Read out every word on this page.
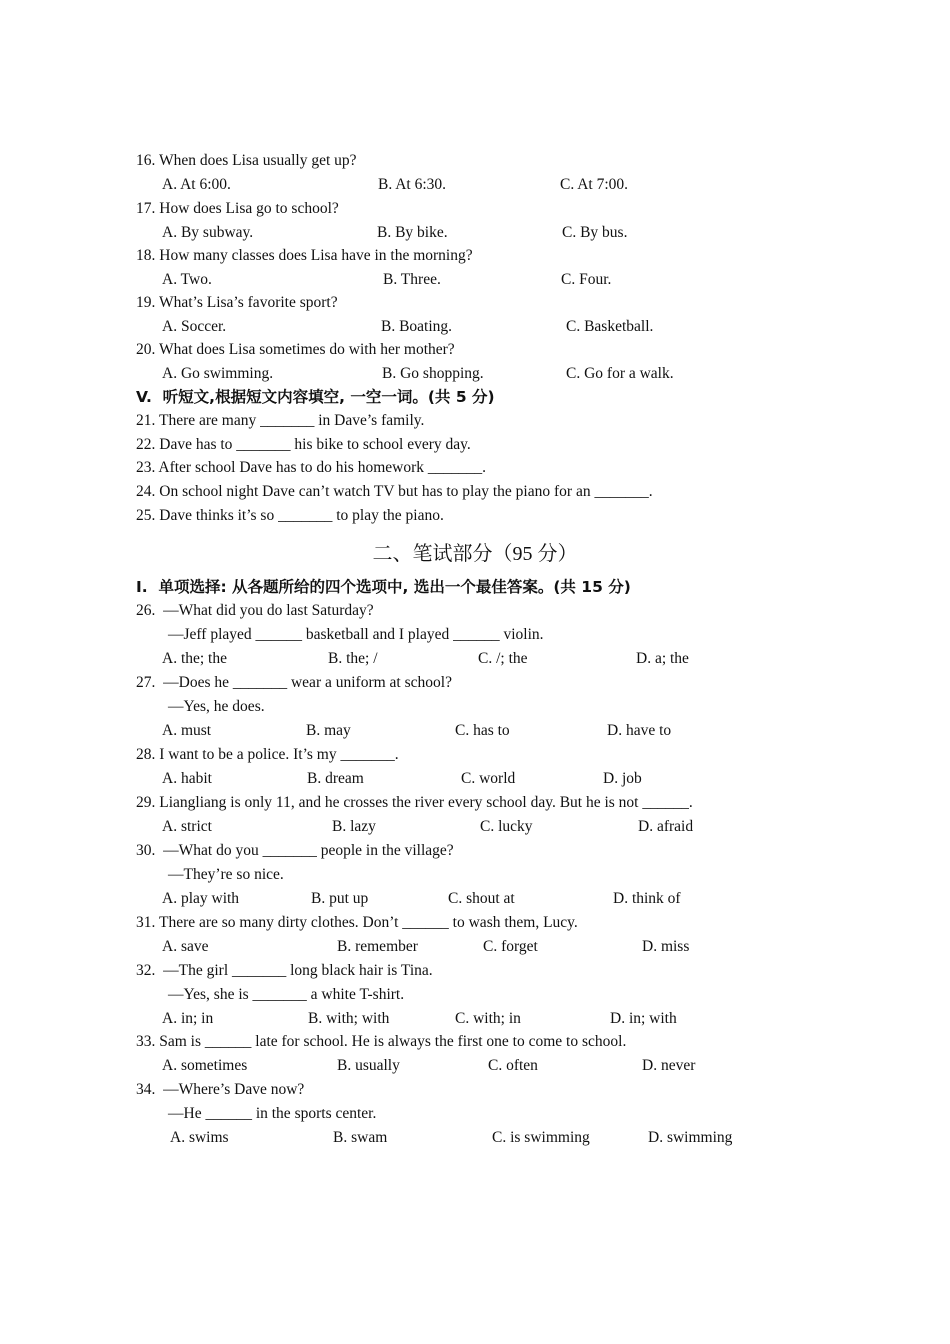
16. When does Lisa usually get up?
A. At 6:00.	B. At 6:30.	C. At 7:00.
17. How does Lisa go to school?
A. By subway.	B. By bike.	C. By bus.
18. How many classes does Lisa have in the morning?
A. Two.	B. Three.	C. Four.
19. What’s Lisa’s favorite sport?
A. Soccer.	B. Boating.	C. Basketball.
20. What does Lisa sometimes do with her mother?
A. Go swimming.	B. Go shopping.	C. Go for a walk.
V.  听短文,根据短文内容填空, 一空一词。(共 5 分)
21. There are many _______ in Dave’s family.
22. Dave has to _______ his bike to school every day.
23. After school Dave has to do his homework _______.
24. On school night Dave can’t watch TV but has to play the piano for an _______.
25. Dave thinks it’s so _______ to play the piano.
二、笔试部分（95 分）
I.  单项选择: 从各题所给的四个选项中, 选出一个最佳答案。(共 15 分)
26.  —What did you do last Saturday?
—Jeff played ______ basketball and I played ______ violin.
A. the; the	B. the; /	C. /; the	D. a; the
27.  —Does he _______ wear a uniform at school?
—Yes, he does.
A. must	B. may	C. has to	D. have to
28. I want to be a police. It’s my _______.
A. habit	B. dream	C. world	D. job
29. Liangliang is only 11, and he crosses the river every school day. But he is not ______.
A. strict	B. lazy	C. lucky	D. afraid
30.  —What do you _______ people in the village?
—They’re so nice.
A. play with	B. put up	C. shout at	D. think of
31. There are so many dirty clothes. Don’t ______ to wash them, Lucy.
A. save	B. remember	C. forget	D. miss
32.  —The girl _______ long black hair is Tina.
—Yes, she is _______ a white T-shirt.
A. in; in	B. with; with	C. with; in	D. in; with
33. Sam is ______ late for school. He is always the first one to come to school.
A. sometimes	B. usually	C. often	D. never
34.  —Where’s Dave now?
—He ______ in the sports center.
A. swims	B. swam	C. is swimming	D. swimming
